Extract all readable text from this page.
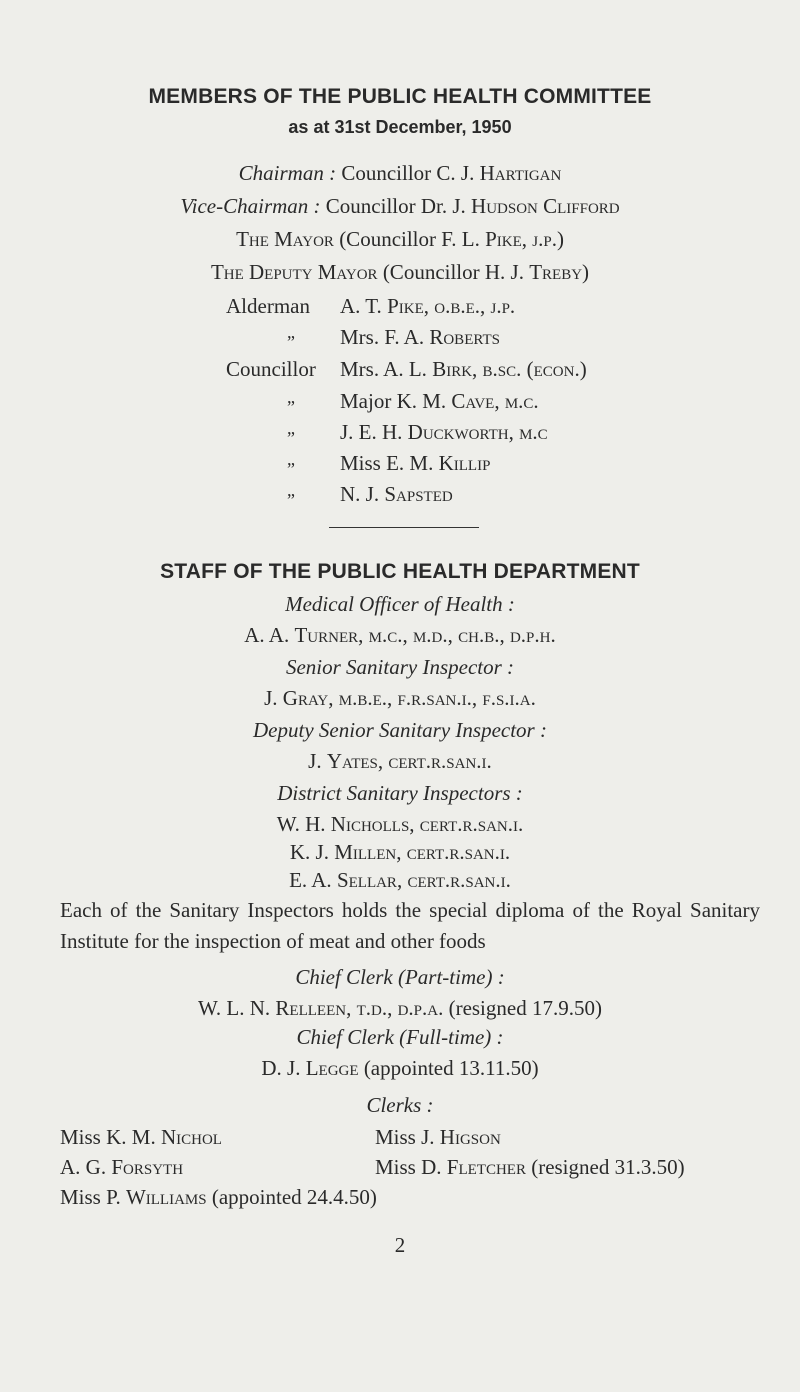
MEMBERS OF THE PUBLIC HEALTH COMMITTEE
as at 31st December, 1950
Chairman : Councillor C. J. Hartigan
Vice-Chairman : Councillor Dr. J. Hudson Clifford
The Mayor (Councillor F. L. Pike, j.p.)
The Deputy Mayor (Councillor H. J. Treby)
Alderman A. T. Pike, o.b.e., j.p.
„ Mrs. F. A. Roberts
Councillor Mrs. A. L. Birk, b.sc. (econ.)
„ Major K. M. Cave, m.c.
„ J. E. H. Duckworth, m.c
„ Miss E. M. Killip
„ N. J. Sapsted
STAFF OF THE PUBLIC HEALTH DEPARTMENT
Medical Officer of Health :
A. A. Turner, m.c., m.d., ch.b., d.p.h.
Senior Sanitary Inspector :
J. Gray, m.b.e., f.r.san.i., f.s.i.a.
Deputy Senior Sanitary Inspector :
J. Yates, cert.r.san.i.
District Sanitary Inspectors :
W. H. Nicholls, cert.r.san.i.
K. J. Millen, cert.r.san.i.
E. A. Sellar, cert.r.san.i.
Each of the Sanitary Inspectors holds the special diploma of the Royal Sanitary Institute for the inspection of meat and other foods
Chief Clerk (Part-time) :
W. L. N. Relleen, t.d., d.p.a. (resigned 17.9.50)
Chief Clerk (Full-time) :
D. J. Legge (appointed 13.11.50)
Clerks :
Miss K. M. Nichol	Miss J. Higson
A. G. Forsyth	Miss D. Fletcher (resigned 31.3.50)
Miss P. Williams (appointed 24.4.50)
2
